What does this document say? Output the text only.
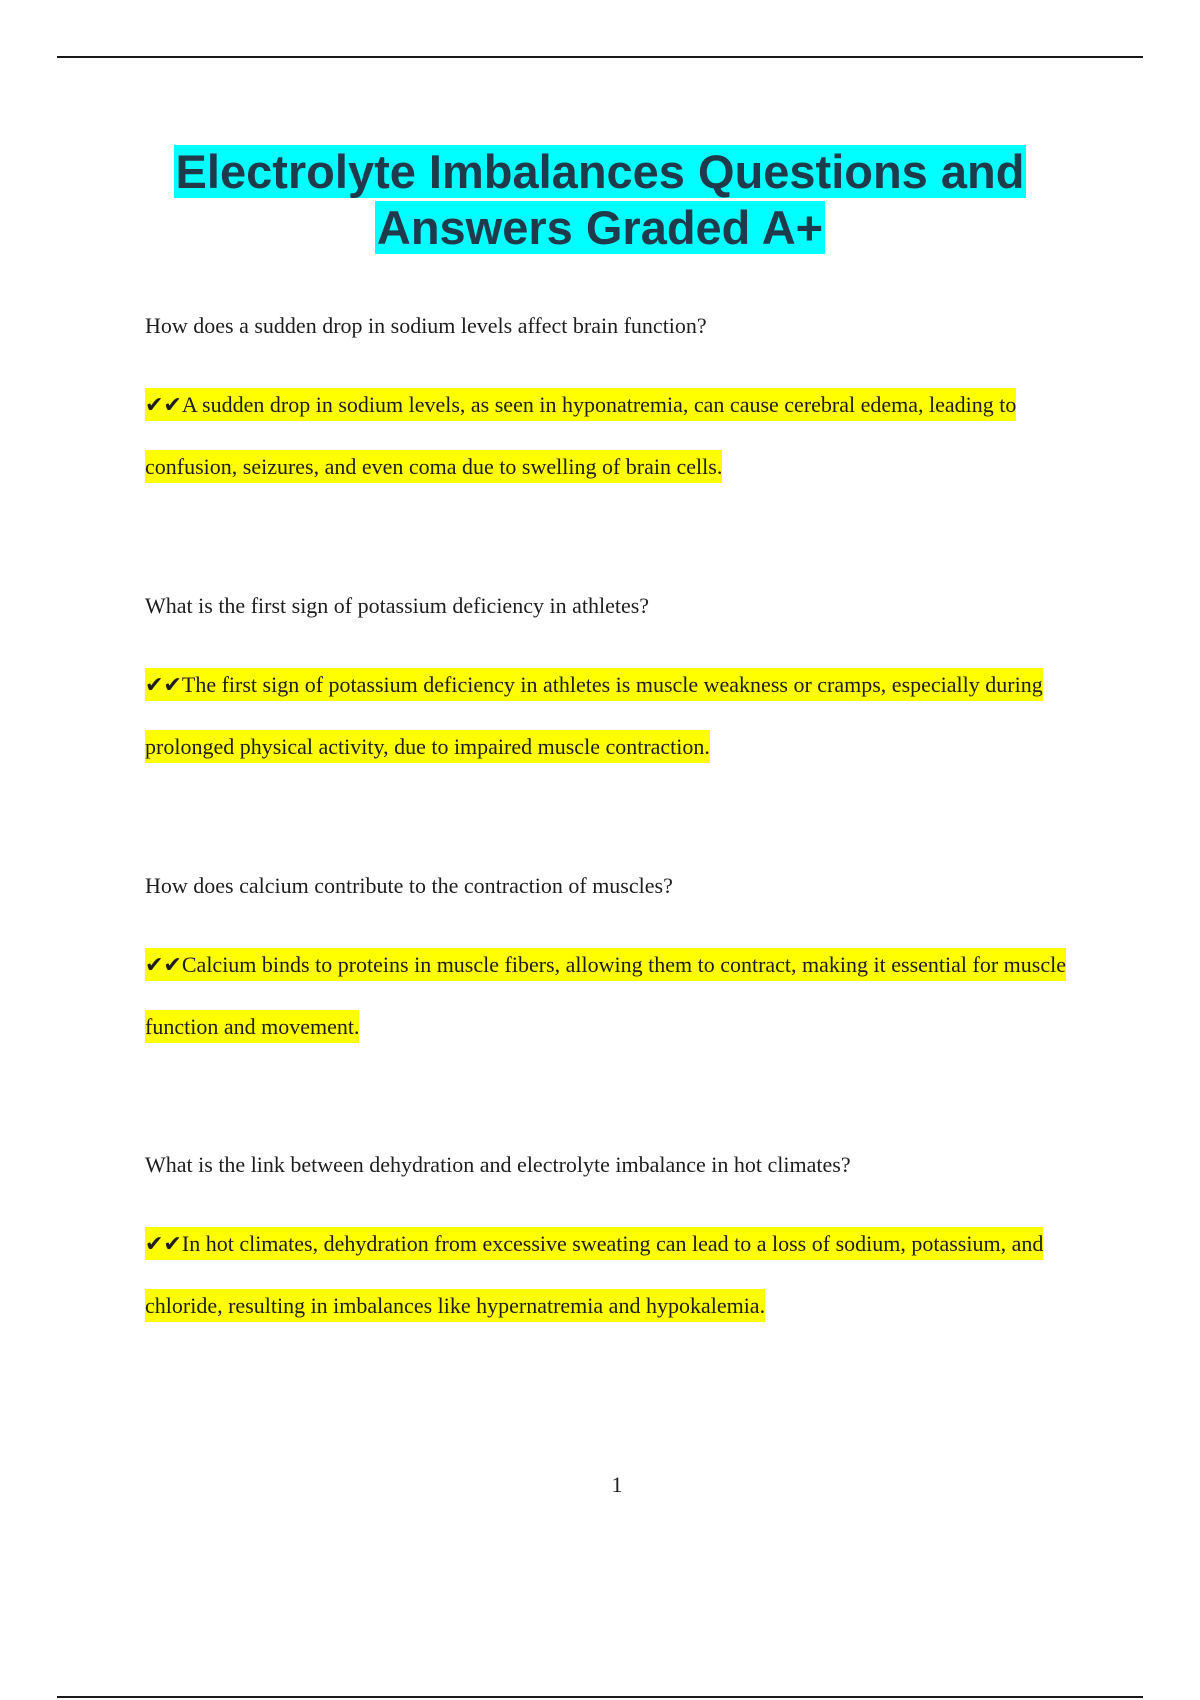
Electrolyte Imbalances Questions and Answers Graded A+

How does a sudden drop in sodium levels affect brain function?

✔✔A sudden drop in sodium levels, as seen in hyponatremia, can cause cerebral edema, leading to confusion, seizures, and even coma due to swelling of brain cells.

What is the first sign of potassium deficiency in athletes?

✔✔The first sign of potassium deficiency in athletes is muscle weakness or cramps, especially during prolonged physical activity, due to impaired muscle contraction.

How does calcium contribute to the contraction of muscles?

✔✔Calcium binds to proteins in muscle fibers, allowing them to contract, making it essential for muscle function and movement.

What is the link between dehydration and electrolyte imbalance in hot climates?

✔✔In hot climates, dehydration from excessive sweating can lead to a loss of sodium, potassium, and chloride, resulting in imbalances like hypernatremia and hypokalemia.

1
